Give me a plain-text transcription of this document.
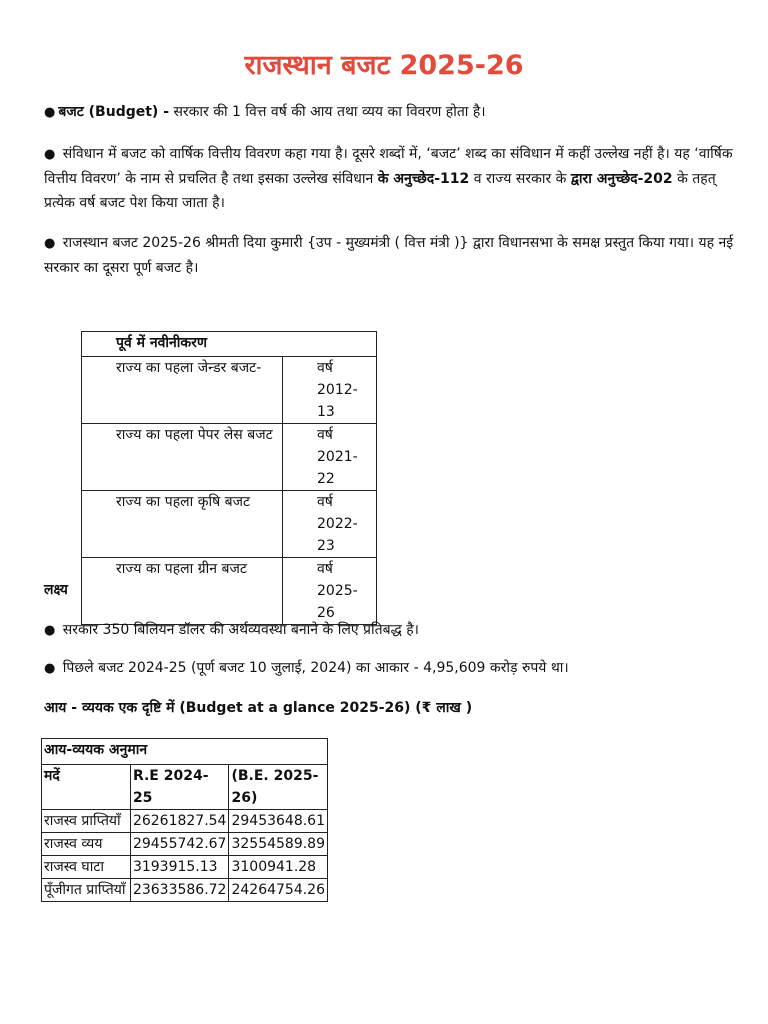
राजस्थान बजट 2025-26
● बजट (Budget) - सरकार की 1 वित्त वर्ष की आय तथा व्यय का विवरण होता है।
● संविधान में बजट को वार्षिक वित्तीय विवरण कहा गया है। दूसरे शब्दों में, ‘बजट’ शब्द का संविधान में कहीं उल्लेख नहीं है। यह ‘वार्षिक वित्तीय विवरण’ के नाम से प्रचलित है तथा इसका उल्लेख संविधान के अनुच्छेद-112 व राज्य सरकार के द्वारा अनुच्छेद-202 के तहत् प्रत्येक वर्ष बजट पेश किया जाता है।
● राजस्थान बजट 2025-26 श्रीमती दिया कुमारी {उप - मुख्यमंत्री ( वित्त मंत्री )} द्वारा विधानसभा के समक्ष प्रस्तुत किया गया। यह नई सरकार का दूसरा पूर्ण बजट है।
पूर्व में नवीनीकरण	
राज्य का पहला जेन्डर बजट-	वर्ष 2012-13
राज्य का पहला पेपर लेस बजट	वर्ष 2021-22
राज्य का पहला कृषि बजट	वर्ष 2022-23
राज्य का पहला ग्रीन बजट	वर्ष 2025-26
लक्ष्य
● सरकार 350 बिलियन डॉलर की अर्थव्यवस्था बनाने के लिए प्रतिबद्ध है।
● पिछले बजट 2024-25 (पूर्ण बजट 10 जुलाई, 2024) का आकार - 4,95,609 करोड़ रुपये था।
आय - व्ययक एक दृष्टि में (Budget at a glance 2025-26) (₹ लाख )
आय-व्ययक अनुमान		
मदें	R.E 2024-25	(B.E. 2025-26)
राजस्व प्राप्तियाँ	26261827.54	29453648.61
राजस्व व्यय	29455742.67	32554589.89
राजस्व घाटा	3193915.13	3100941.28
पूँजीगत प्राप्तियाँ	23633586.72	24264754.26
